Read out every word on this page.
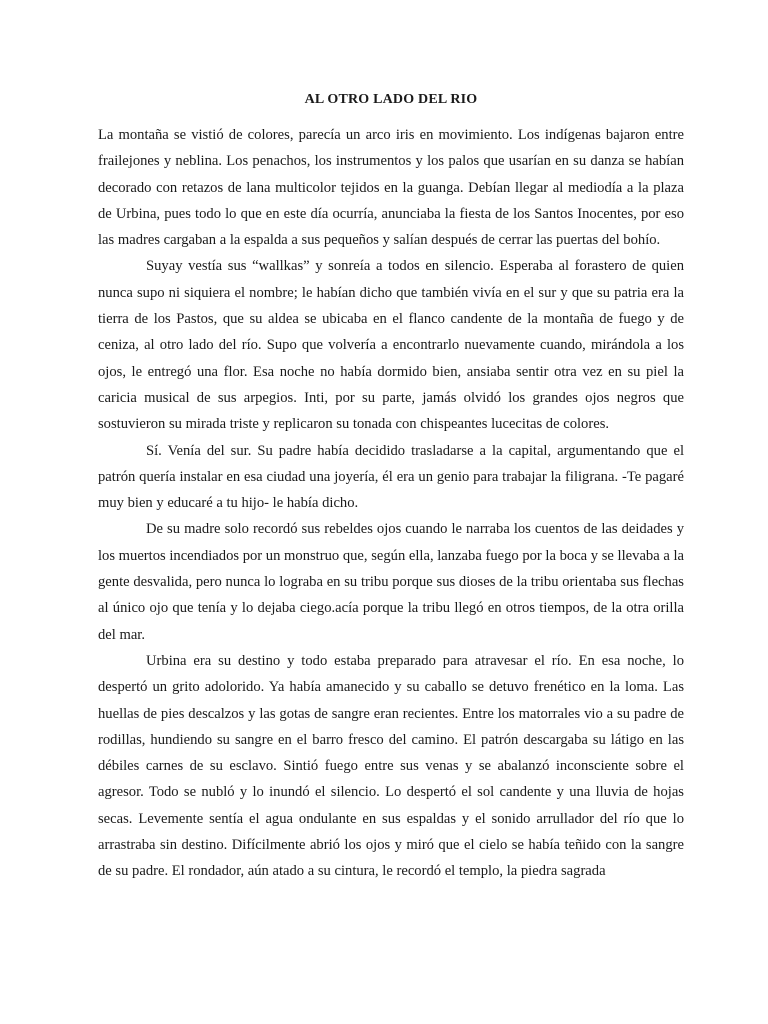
AL OTRO LADO DEL RIO

La montaña se vistió de colores, parecía un arco iris en movimiento. Los indígenas bajaron entre frailejones y neblina. Los penachos, los instrumentos y los palos que usarían en su danza se habían decorado con retazos de lana multicolor tejidos en la guanga. Debían llegar al mediodía a la plaza de Urbina, pues todo lo que en este día ocurría, anunciaba la fiesta de los Santos Inocentes, por eso las madres cargaban a la espalda a sus pequeños y salían después de cerrar las puertas del bohío.

Suyay vestía sus “wallkas” y sonreía a todos en silencio. Esperaba al forastero de quien nunca supo ni siquiera el nombre; le habían dicho que también vivía en el sur y que su patria era la tierra de los Pastos, que su aldea se ubicaba en el flanco candente de la montaña de fuego y de ceniza, al otro lado del río. Supo que volvería a encontrarlo nuevamente cuando, mirándola a los ojos, le entregó una flor. Esa noche no había dormido bien, ansiaba sentir otra vez en su piel la caricia musical de sus arpegios. Inti, por su parte, jamás olvidó los grandes ojos negros que sostuvieron su mirada triste y replicaron su tonada con chispeantes lucecitas de colores.

Sí. Venía del sur. Su padre había decidido trasladarse a la capital, argumentando que el patrón quería instalar en esa ciudad una joyería, él era un genio para trabajar la filigrana. -Te pagaré muy bien y educaré a tu hijo- le había dicho.

De su madre solo recordó sus rebeldes ojos cuando le narraba los cuentos de las deidades y los muertos incendiados por un monstruo que, según ella, lanzaba fuego por la boca y se llevaba a la gente desvalida, pero nunca lo lograba en su tribu porque sus dioses de la tribu orientaba sus flechas al único ojo que tenía y lo dejaba ciego.acía porque la tribu llegó en otros tiempos, de la otra orilla del mar.

Urbina era su destino y todo estaba preparado para atravesar el río. En esa noche, lo despertó un grito adolorido. Ya había amanecido y su caballo se detuvo frenético en la loma. Las huellas de pies descalzos y las gotas de sangre eran recientes. Entre los matorrales vio a su padre de rodillas, hundiendo su sangre en el barro fresco del camino. El patrón descargaba su látigo en las débiles carnes de su esclavo. Sintió fuego entre sus venas y se abalanzó inconsciente sobre el agresor. Todo se nubló y lo inundó el silencio. Lo despertó el sol candente y una lluvia de hojas secas. Levemente sentía el agua ondulante en sus espaldas y el sonido arrullador del río que lo arrastraba sin destino. Difícilmente abrió los ojos y miró que el cielo se había teñido con la sangre de su padre. El rondador, aún atado a su cintura, le recordó el templo, la piedra sagrada
